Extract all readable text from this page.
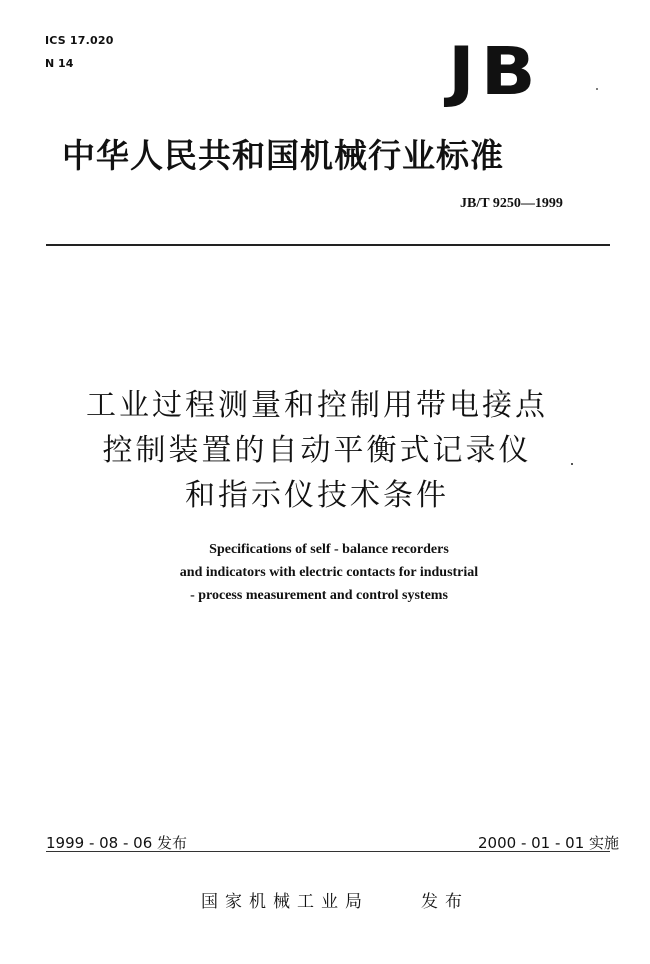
ICS 17.020
N 14	JB
中华人民共和国机械行业标准
JB/T 9250—1999
工业过程测量和控制用带电接点
控制装置的自动平衡式记录仪
和指示仪技术条件
Specifications of self - balance recorders
and indicators with electric contacts for industrial
- process measurement and control systems
1999 - 08 - 06 发布	2000 - 01 - 01 实施
国家机械工业局	发布
